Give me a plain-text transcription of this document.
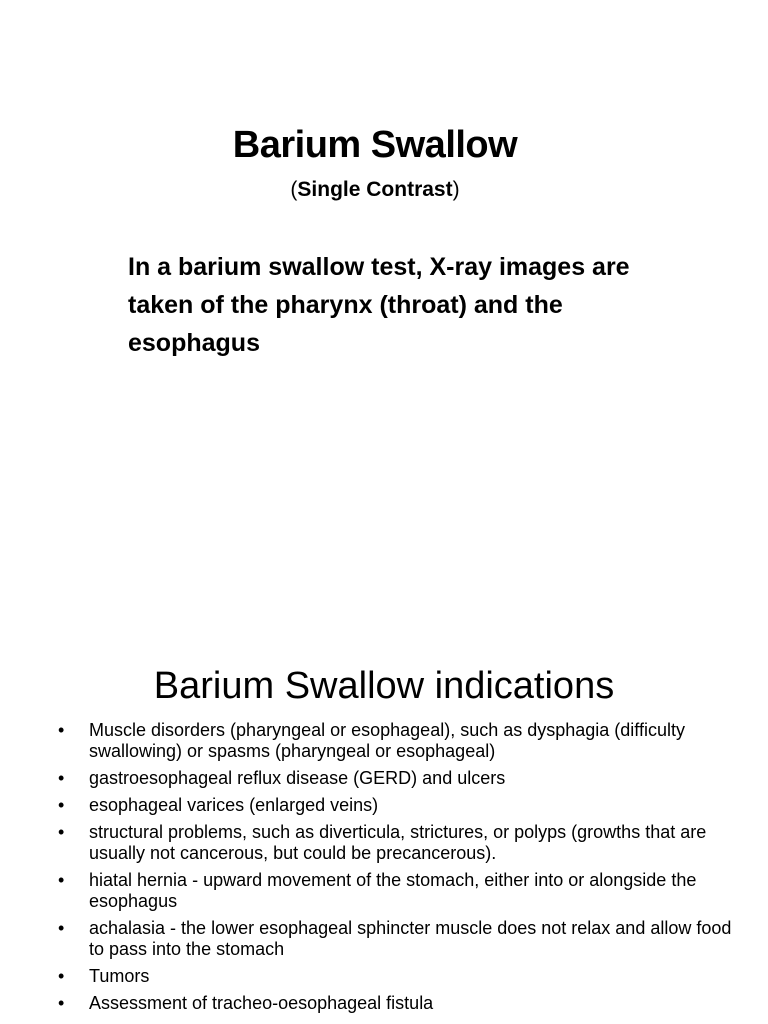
Barium Swallow
(Single Contrast)
In a barium swallow test, X-ray images are taken of the pharynx (throat) and the esophagus
Barium Swallow indications
• Muscle disorders (pharyngeal or esophageal), such as dysphagia (difficulty swallowing) or spasms (pharyngeal or esophageal)
• gastroesophageal reflux disease (GERD) and ulcers
• esophageal varices (enlarged veins)
• structural problems, such as diverticula, strictures, or polyps (growths that are usually not cancerous, but could be precancerous).
• hiatal hernia - upward movement of the stomach, either into or alongside the esophagus
• achalasia - the lower esophageal sphincter muscle does not relax and allow food to pass into the stomach
• Tumors
• Assessment of tracheo-oesophageal fistula
